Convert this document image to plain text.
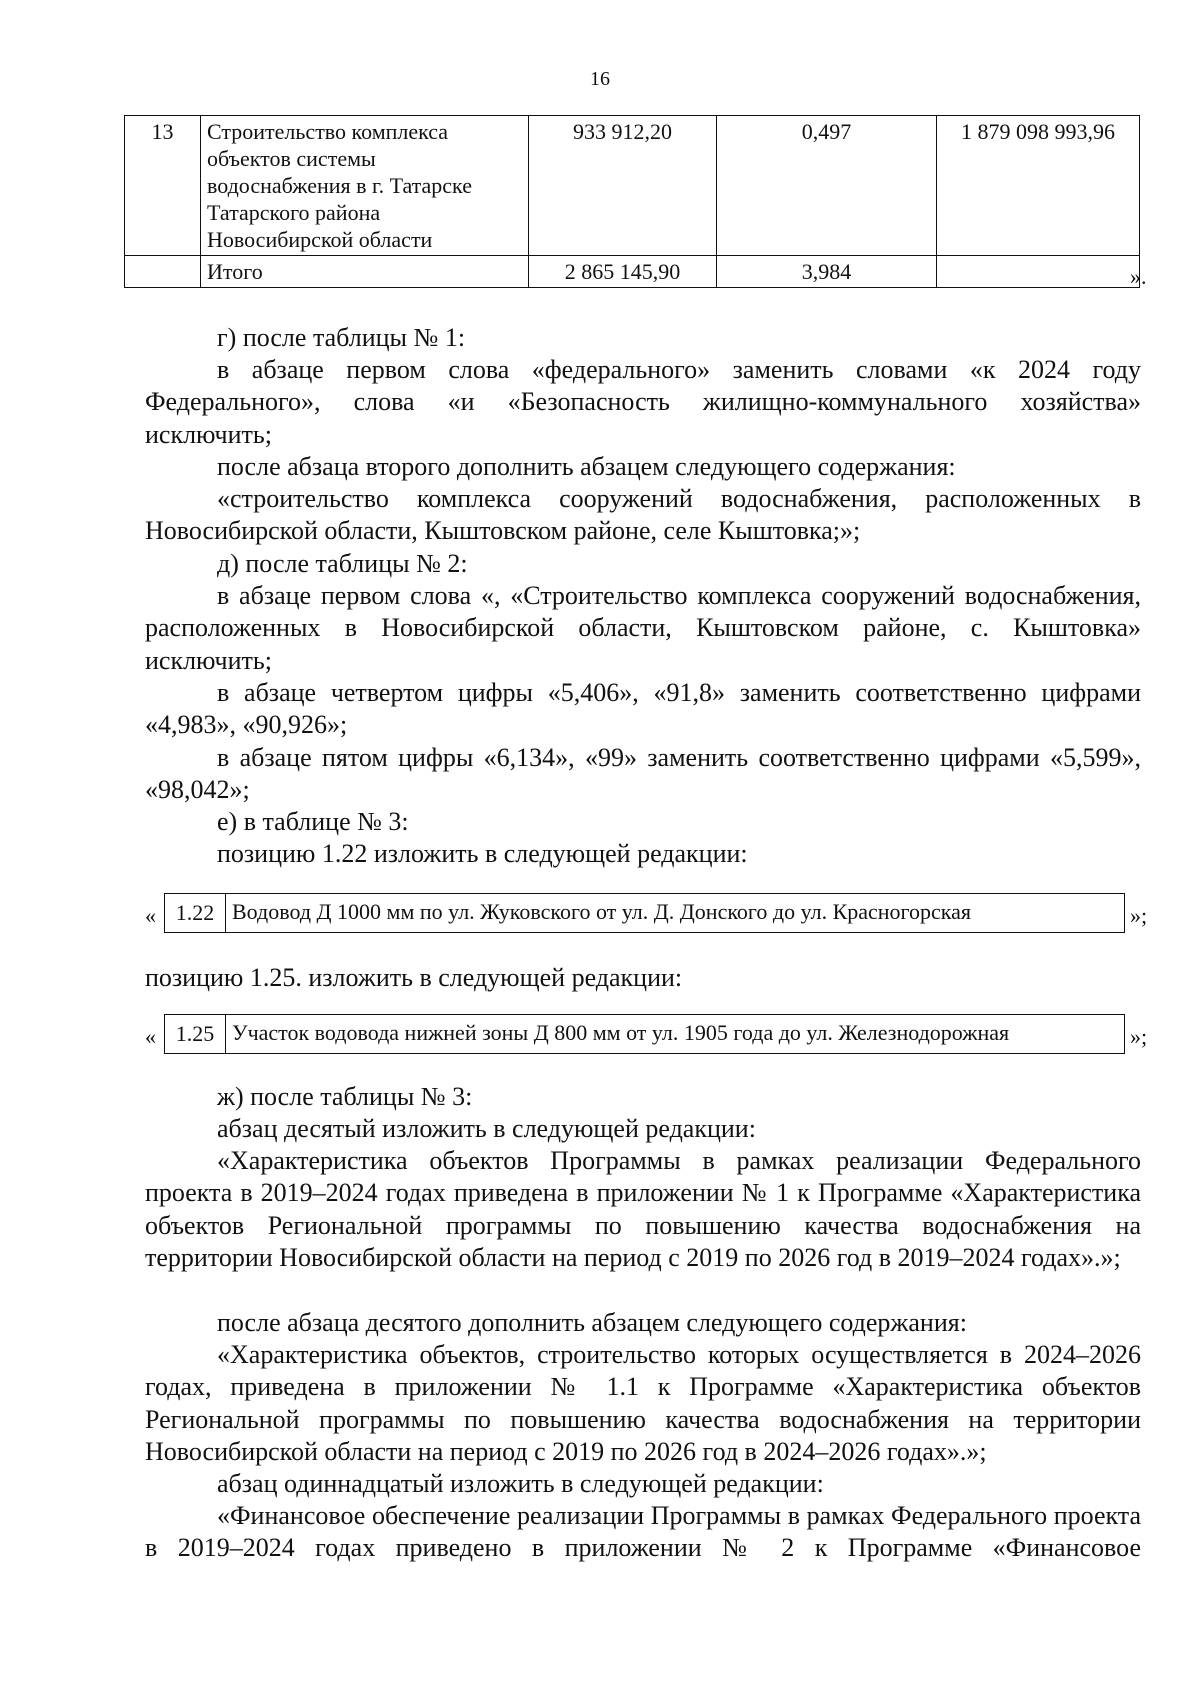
16
13	Строительство комплекса объектов системы водоснабжения в г. Татарске Татарского района Новосибирской области	933 912,20	0,497	1 879 098 993,96	
	Итого	2 865 145,90	3,984			».

г) после таблицы № 1:

в абзаце первом слова «федерального» заменить словами «к 2024 году Федерального», слова «и «Безопасность жилищно-коммунального хозяйства» исключить;

после абзаца второго дополнить абзацем следующего содержания:

«строительство комплекса сооружений водоснабжения, расположенных в Новосибирской области, Кыштовском районе, селе Кыштовка;»;

д) после таблицы № 2:

в абзаце первом слова «, «Строительство комплекса сооружений водоснабжения, расположенных в Новосибирской области, Кыштовском районе, с. Кыштовка» исключить;

в абзаце четвертом цифры «5,406», «91,8» заменить соответственно цифрами «4,983», «90,926»;

в абзаце пятом цифры «6,134», «99» заменить соответственно цифрами «5,599», «98,042»;

е) в таблице № 3:

позицию 1.22 изложить в следующей редакции:

« 1.22 Водовод Д 1000 мм по ул. Жуковского от ул. Д. Донского до ул. Красногорская	»;

позицию 1.25. изложить в следующей редакции:

« 1.25 Участок водовода нижней зоны Д 800 мм от ул. 1905 года до ул. Железнодорожная	»;

ж) после таблицы № 3:

абзац десятый изложить в следующей редакции:

«Характеристика объектов Программы в рамках реализации Федерального проекта в 2019–2024 годах приведена в приложении № 1 к Программе «Характеристика объектов Региональной программы по повышению качества водоснабжения на территории Новосибирской области на период с 2019 по 2026 год в 2019–2024 годах».»;

после абзаца десятого дополнить абзацем следующего содержания:

«Характеристика объектов, строительство которых осуществляется в 2024–2026 годах, приведена в приложении № 1.1 к Программе «Характеристика объектов Региональной программы по повышению качества водоснабжения на территории Новосибирской области на период с 2019 по 2026 год в 2024–2026 годах».»;

абзац одиннадцатый изложить в следующей редакции:

«Финансовое обеспечение реализации Программы в рамках Федерального проекта в 2019–2024 годах приведено в приложении № 2 к Программе «Финансовое
